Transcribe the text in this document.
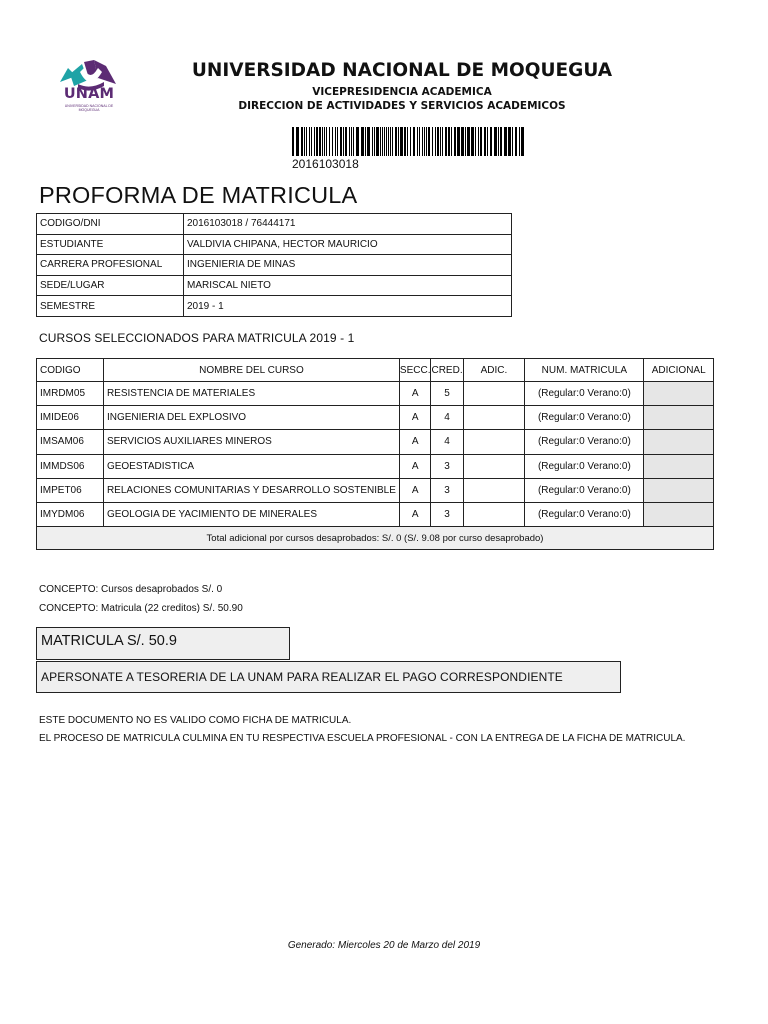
UNAM
UNIVERSIDAD NACIONAL DE MOQUEGUA
UNIVERSIDAD NACIONAL DE MOQUEGUA
VICEPRESIDENCIA ACADEMICA
DIRECCION DE ACTIVIDADES Y SERVICIOS ACADEMICOS
2016103018
PROFORMA DE MATRICULA
CODIGO/DNI	2016103018 / 76444171
ESTUDIANTE	VALDIVIA CHIPANA, HECTOR MAURICIO
CARRERA PROFESIONAL	INGENIERIA DE MINAS
SEDE/LUGAR	MARISCAL NIETO
SEMESTRE	2019 - 1
CURSOS SELECCIONADOS PARA MATRICULA 2019 - 1
CODIGO	NOMBRE DEL CURSO	SECC.	CRED.	ADIC.	NUM. MATRICULA	ADICIONAL
IMRDM05	RESISTENCIA DE MATERIALES	A	5		(Regular:0 Verano:0)	
IMIDE06	INGENIERIA DEL EXPLOSIVO	A	4		(Regular:0 Verano:0)	
IMSAM06	SERVICIOS AUXILIARES MINEROS	A	4		(Regular:0 Verano:0)	
IMMDS06	GEOESTADISTICA	A	3		(Regular:0 Verano:0)	
IMPET06	RELACIONES COMUNITARIAS Y DESARROLLO SOSTENIBLE	A	3		(Regular:0 Verano:0)	
IMYDM06	GEOLOGIA DE YACIMIENTO DE MINERALES	A	3		(Regular:0 Verano:0)	
Total adicional por cursos desaprobados: S/. 0 (S/. 9.08 por curso desaprobado)						
CONCEPTO: Cursos desaprobados S/. 0
CONCEPTO: Matricula (22 creditos) S/. 50.90
MATRICULA S/. 50.9
APERSONATE A TESORERIA DE LA UNAM PARA REALIZAR EL PAGO CORRESPONDIENTE
ESTE DOCUMENTO NO ES VALIDO COMO FICHA DE MATRICULA.
EL PROCESO DE MATRICULA CULMINA EN TU RESPECTIVA ESCUELA PROFESIONAL - CON LA ENTREGA DE LA FICHA DE MATRICULA.
Generado: Miercoles 20 de Marzo del 2019
